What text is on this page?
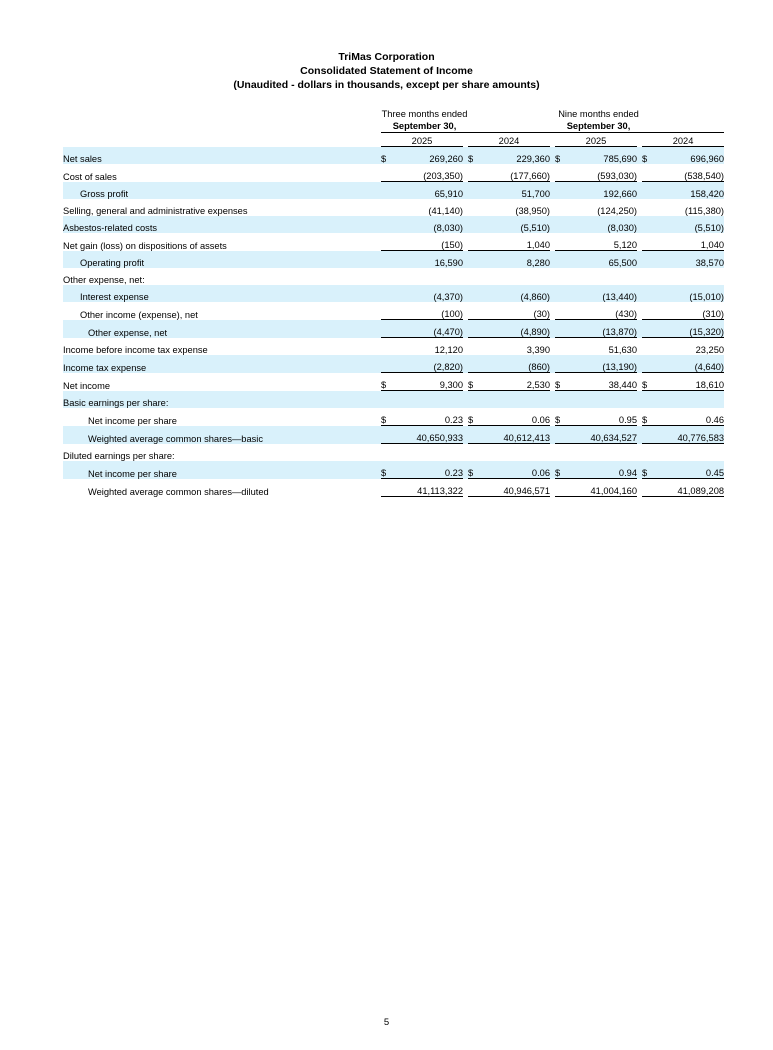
TriMas Corporation
Consolidated Statement of Income
(Unaudited - dollars in thousands, except per share amounts)

Three months ended
September 30,

Nine months ended
September 30,

	2025			2024			2025			2024	
Net sales	$	269,260		$	229,360		$	785,690		$	696,960
Cost of sales		(203,350)			(177,660)			(593,030)			(538,540)
Gross profit		65,910			51,700			192,660			158,420
Selling, general and administrative expenses		(41,140)			(38,950)			(124,250)			(115,380)
Asbestos-related costs		(8,030)			(5,510)			(8,030)			(5,510)
Net gain (loss) on dispositions of assets		(150)			1,040			5,120			1,040
Operating profit		16,590			8,280			65,500			38,570
Other expense, net:											
Interest expense		(4,370)			(4,860)			(13,440)			(15,010)
Other income (expense), net		(100)			(30)			(430)			(310)
Other expense, net		(4,470)			(4,890)			(13,870)			(15,320)
Income before income tax expense		12,120			3,390			51,630			23,250
Income tax expense		(2,820)			(860)			(13,190)			(4,640)
Net income	$	9,300		$	2,530		$	38,440		$	18,610
Basic earnings per share:											
Net income per share	$	0.23		$	0.06		$	0.95		$	0.46
Weighted average common shares—basic		40,650,933			40,612,413			40,634,527			40,776,583
Diluted earnings per share:											
Net income per share	$	0.23		$	0.06		$	0.94		$	0.45
Weighted average common shares—diluted		41,113,322			40,946,571			41,004,160			41,089,208
5
